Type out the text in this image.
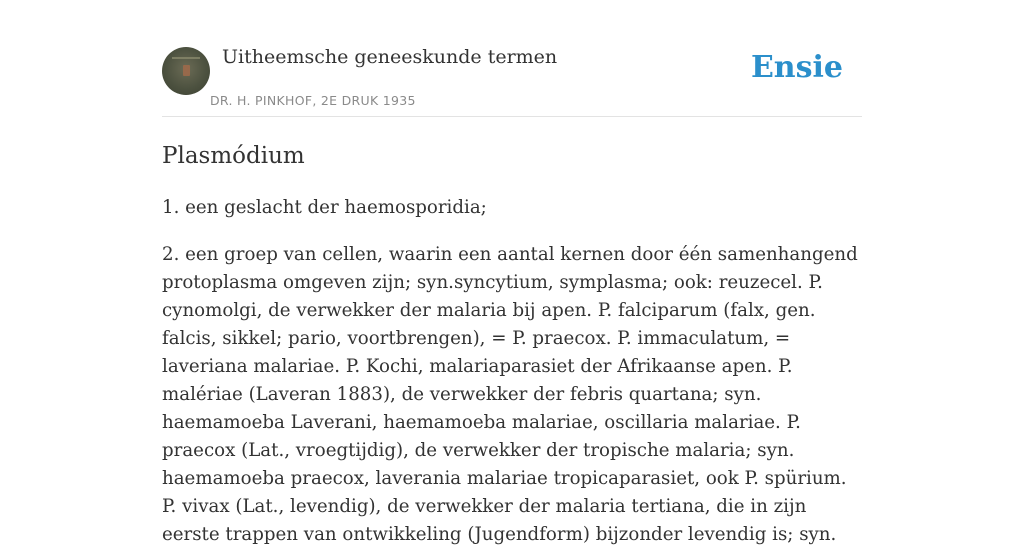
Uitheemsche geneeskunde termen
DR. H. PINKHOF, 2E DRUK 1935
Ensie
Plasmódium

1. een geslacht der haemosporidia;

2. een groep van cellen, waarin een aantal kernen door één samenhangend protoplasma omgeven zijn; syn.syncytium, symplasma; ook: reuzecel. P. cynomolgi, de verwekker der malaria bij apen. P. falciparum (falx, gen. falcis, sikkel; pario, voortbrengen), = P. praecox. P. immaculatum, = laveriana malariae. P. Kochi, malariaparasiet der Afrikaanse apen. P. malériae (Laveran 1883), de verwekker der febris quartana; syn. haemamoeba Laverani, haemamoeba malariae, oscillaria malariae. P. praecox (Lat., vroegtijdig), de verwekker der tropische malaria; syn. haemamoeba praecox, laverania malariae tropicaparasiet, ook P. spürium. P. vivax (Lat., levendig), de verwekker der malaria tertiana, die in zijn eerste trappen van ontwikkeling (Jugendform) bijzonder levendig is; syn.
